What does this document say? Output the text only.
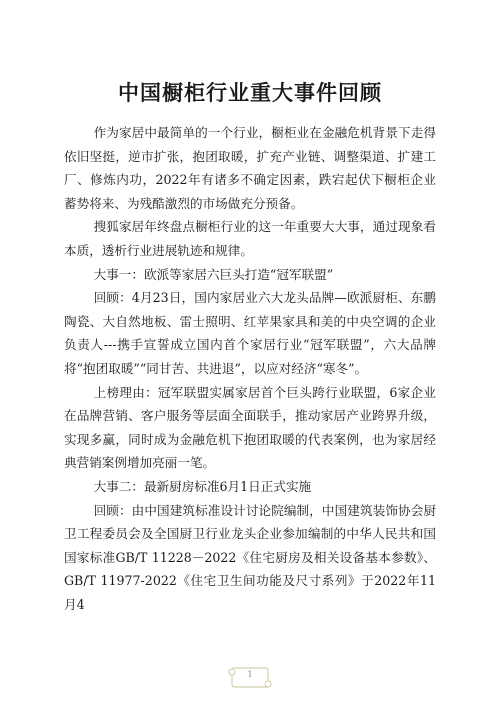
中国橱柜行业重大事件回顾

作为家居中最简单的一个行业，橱柜业在金融危机背景下走得依旧坚挺，逆市扩张，抱团取暖，扩充产业链、调整渠道、扩建工厂、修炼内功，2022年有诸多不确定因素，跌宕起伏下橱柜企业蓄势将来、为残酷激烈的市场做充分预备。

搜狐家居年终盘点橱柜行业的这一年重要大大事，通过现象看本质，透析行业进展轨迹和规律。

大事一：欧派等家居六巨头打造“冠军联盟”

回顾：4月23日，国内家居业六大龙头品牌—欧派厨柜、东鹏陶瓷、大自然地板、雷士照明、红苹果家具和美的中央空调的企业负责人---携手宣誓成立国内首个家居行业“冠军联盟”，六大品牌将“抱团取暖”“同甘苦、共进退”，以应对经济“寒冬”。

上榜理由：冠军联盟实属家居首个巨头跨行业联盟，6家企业在品牌营销、客户服务等层面全面联手，推动家居产业跨界升级，实现多赢，同时成为金融危机下抱团取暖的代表案例，也为家居经典营销案例增加亮丽一笔。

大事二：最新厨房标准6月1日正式实施

回顾：由中国建筑标准设计讨论院编制，中国建筑装饰协会厨卫工程委员会及全国厨卫行业龙头企业参加编制的中华人民共和国国家标准GB/T 11228－2022《住宅厨房及相关设备基本参数》、GB/T 11977-2022《住宅卫生间功能及尺寸系列》于2022年11月4

1
